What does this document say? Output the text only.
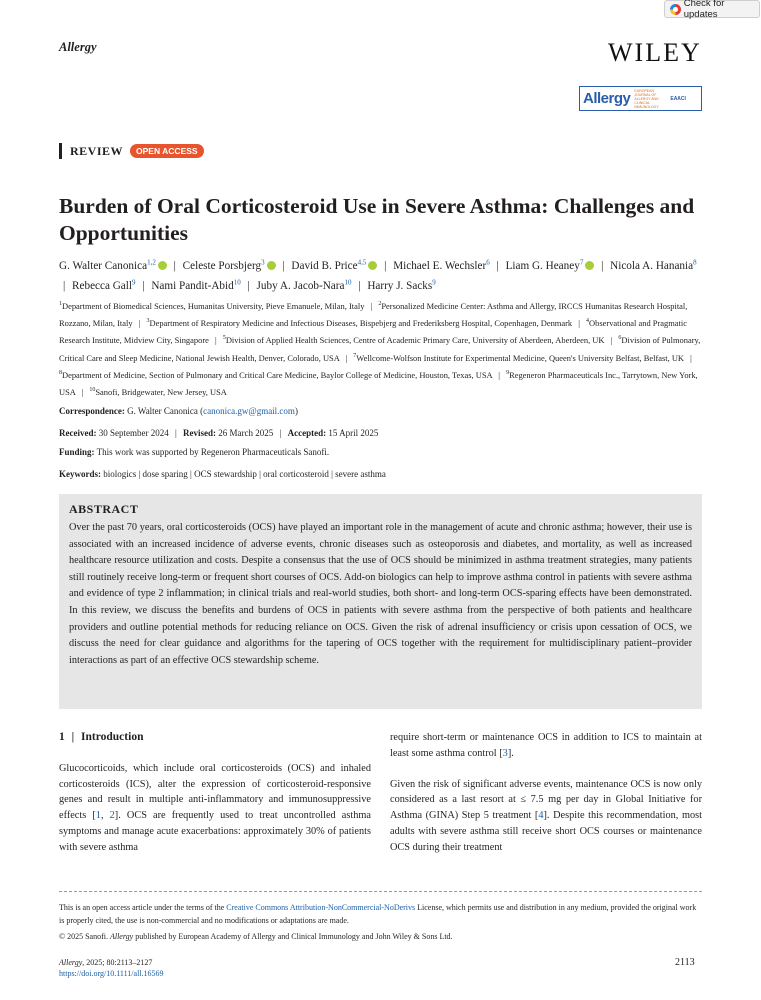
Check for updates
Allergy	WILEY
Allergy EUROPEAN JOURNAL OF ALLERGY AND CLINICAL IMMUNOLOGY
EAACI
REVIEW	OPEN ACCESS
Burden of Oral Corticosteroid Use in Severe Asthma: Challenges and Opportunities
G. Walter Canonica$^{1,2}$ | Celeste Porsbjerg$^3$ | David B. Price$^{4,5}$ | Michael E. Wechsler$^6$ | Liam G. Heaney$^7$ | Nicola A. Hanania$^8$ | Rebecca Gall$^9$ | Nami Pandit-Abid$^{10}$ | Juby A. Jacob-Nara$^{10}$ | Harry J. Sacks$^9$
$^1$Department of Biomedical Sciences, Humanitas University, Pieve Emanuele, Milan, Italy | $^2$Personalized Medicine Center: Asthma and Allergy, IRCCS Humanitas Research Hospital, Rozzano, Milan, Italy | $^3$Department of Respiratory Medicine and Infectious Diseases, Bispebjerg and Frederiksberg Hospital, Copenhagen, Denmark | $^4$Observational and Pragmatic Research Institute, Midview City, Singapore | $^5$Division of Applied Health Sciences, Centre of Academic Primary Care, University of Aberdeen, Aberdeen, UK | $^6$Division of Pulmonary, Critical Care and Sleep Medicine, National Jewish Health, Denver, Colorado, USA | $^7$Wellcome-Wolfson Institute for Experimental Medicine, Queen's University Belfast, Belfast, UK | $^8$Department of Medicine, Section of Pulmonary and Critical Care Medicine, Baylor College of Medicine, Houston, Texas, USA | $^9$Regeneron Pharmaceuticals Inc., Tarrytown, New York, USA | $^{10}$Sanofi, Bridgewater, New Jersey, USA
Correspondence: G. Walter Canonica (canonica.gw@gmail.com)
Received: 30 September 2024 | Revised: 26 March 2025 | Accepted: 15 April 2025
Funding: This work was supported by Regeneron Pharmaceuticals Sanofi.
Keywords: biologics | dose sparing | OCS stewardship | oral corticosteroid | severe asthma
ABSTRACT

Over the past 70 years, oral corticosteroids (OCS) have played an important role in the management of acute and chronic asthma; however, their use is associated with an increased incidence of adverse events, chronic diseases such as osteoporosis and diabetes, and mortality, as well as increased healthcare resource utilization and costs. Despite a consensus that the use of OCS should be minimized in asthma treatment strategies, many patients still routinely receive long-term or frequent short courses of OCS. Add-on biologics can help to improve asthma control in patients with severe asthma and evidence of type 2 inflammation; in clinical trials and real-world studies, both short- and long-term OCS-sparing effects have been demonstrated. In this review, we discuss the benefits and burdens of OCS in patients with severe asthma from the perspective of both patients and healthcare providers and outline potential methods for reducing reliance on OCS. Given the risk of adrenal insufficiency or crisis upon cessation of OCS, we discuss the need for clear guidance and algorithms for the tapering of OCS together with the requirement for multidisciplinary patient–provider interactions as part of an effective OCS stewardship scheme.

1 | Introduction

Glucocorticoids, which include oral corticosteroids (OCS) and inhaled corticosteroids (ICS), alter the expression of corticosteroid-responsive genes and result in multiple anti-inflammatory and immunosuppressive effects [1, 2]. OCS are frequently used to treat uncontrolled asthma symptoms and manage acute exacerbations: approximately 30% of patients with severe asthma

require short-term or maintenance OCS in addition to ICS to maintain at least some asthma control [3].

Given the risk of significant adverse events, maintenance OCS is now only considered as a last resort at ≤ 7.5 mg per day in Global Initiative for Asthma (GINA) Step 5 treatment [4]. Despite this recommendation, most adults with severe asthma still receive short OCS courses or maintenance OCS during their treatment

This is an open access article under the terms of the Creative Commons Attribution-NonCommercial-NoDerivs License, which permits use and distribution in any medium, provided the original work is properly cited, the use is non-commercial and no modifications or adaptations are made.
© 2025 Sanofi. Allergy published by European Academy of Allergy and Clinical Immunology and John Wiley & Sons Ltd.
Allergy, 2025; 80:2113–2127
https://doi.org/10.1111/all.16569
2113
